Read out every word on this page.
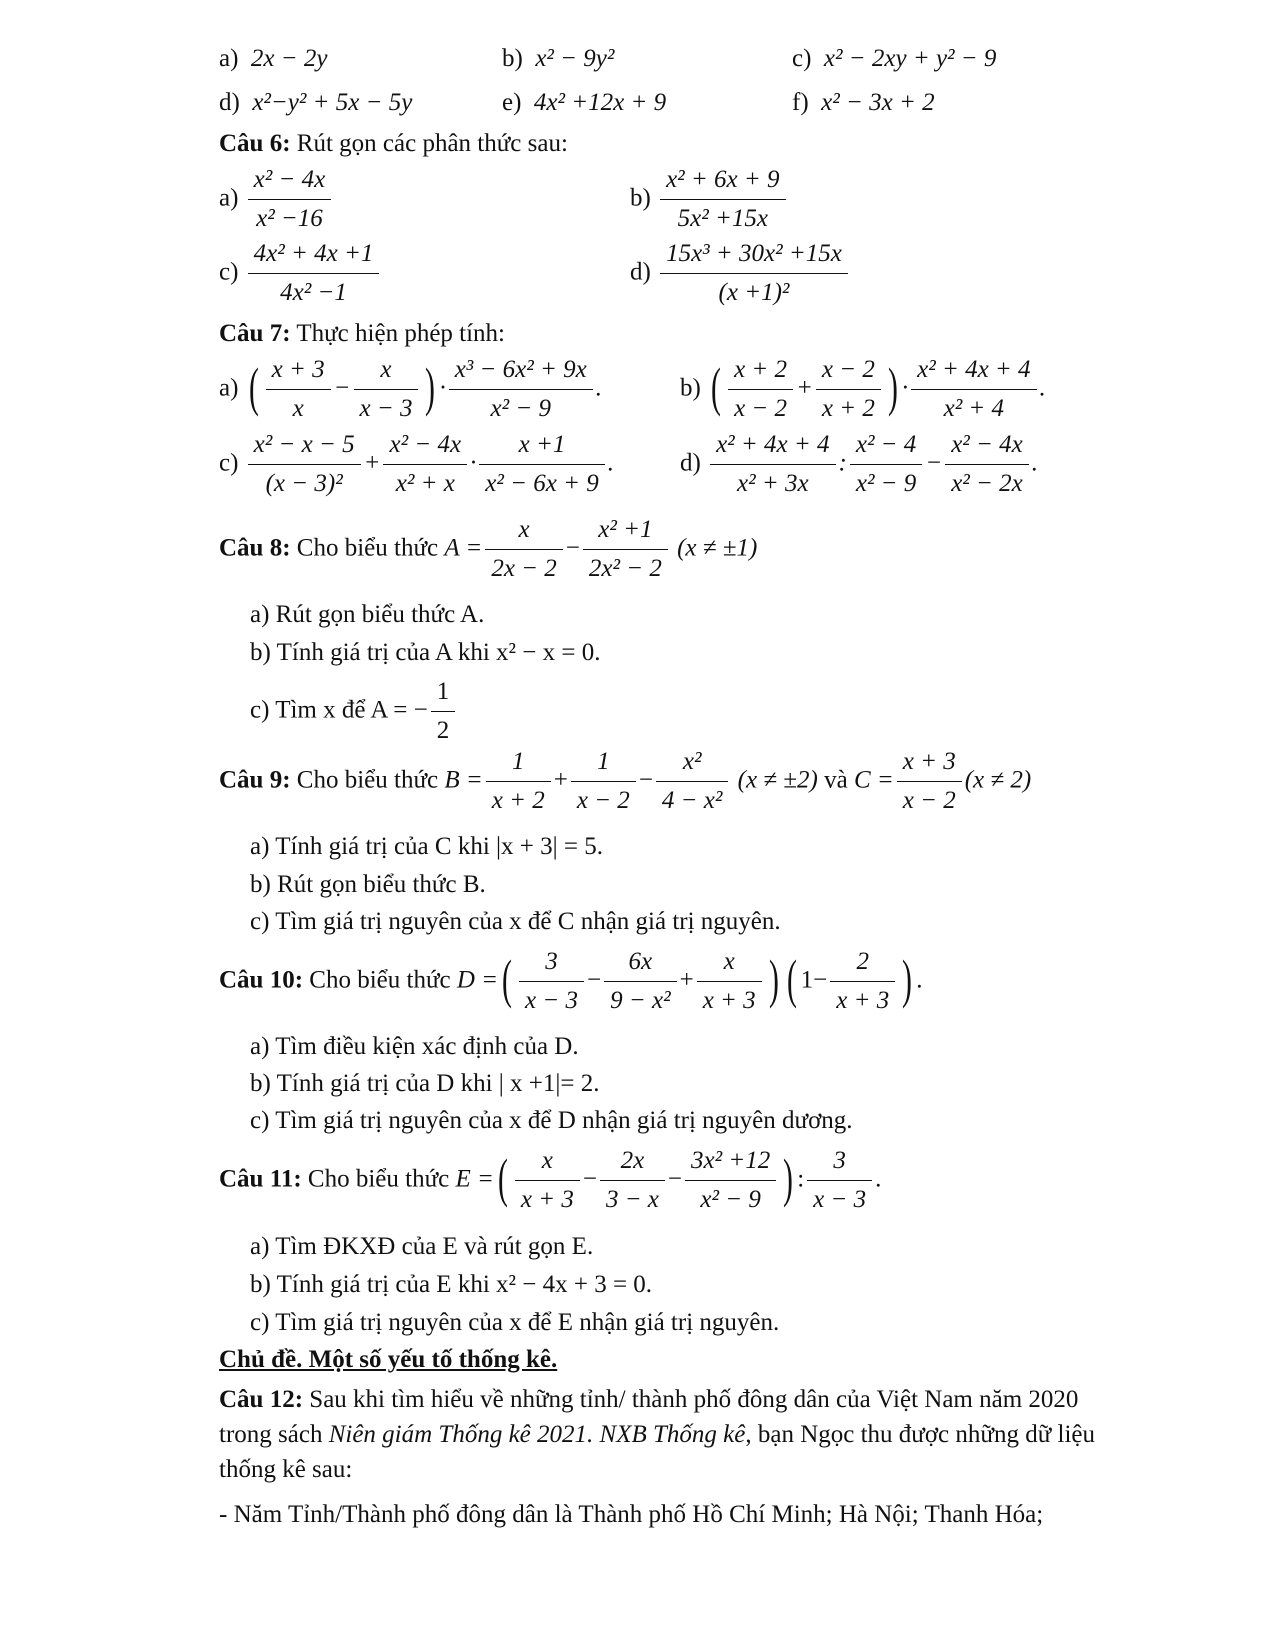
a) 2x − 2y	b) x² − 9y²	c) x² − 2xy + y² − 9
d) x²−y² + 5x − 5y	e) 4x² +12x + 9	f) x² − 3x + 2
Câu 6: Rút gọn các phân thức sau:
$a) \frac{\text{x² − 4x}}{\text{x² −16}}$	$b) \frac{\text{x² + 6x + 9}}{\text{5x² +15x}}$
$c) \frac{\text{4x² + 4x +1}}{\text{4x² −1}}$	$d) \frac{\text{15x³ + 30x² +15x}}{\text{(x +1)²}}$
Câu 7: Thực hiện phép tính:
a) ( $\frac{x + 3}{x} - \frac{x}{x - 3}$ ) · $\frac{\text{x³ − 6x² + 9x}}{\text{x² − 9}}$ .	b) ( $\frac{x + 2}{x - 2} + \frac{x - 2}{x + 2}$ ) · $\frac{\text{x² + 4x + 4}}{\text{x² + 4}}$ .
$c) \frac{\text{x² − x − 5}}{\text{(x − 3)²}} + \frac{\text{x² − 4x}}{\text{x² + x}} \cdot \frac{x +1}{\text{x² − 6x + 9}}$ .	$d) \frac{\text{x² + 4x + 4}}{\text{x² + 3x}}$ : $\frac{\text{x² − 4}}{\text{x² − 9}} - \frac{\text{x² − 4x}}{\text{x² − 2x}}$ .
Câu 8: Cho biểu thức $A = \frac{x}{2x - 2} - \frac{\text{x² +1}}{\text{2x² − 2}} (x \ne \pm 1)$
a) Rút gọn biểu thức A.
b) Tính giá trị của A khi x² − x = 0.
c) Tìm x để A = − $\frac{1}{2}$
Câu 9: Cho biểu thức $B = \frac{1}{x + 2} + \frac{1}{x - 2} - \frac{\text{x²}}{\text{4 − x²}} (x \ne \pm 2)$ và $C = \frac{x + 3}{x - 2} (x \ne 2)$
a) Tính giá trị của C khi |x + 3| = 5.
b) Rút gọn biểu thức B.
c) Tìm giá trị nguyên của x để C nhận giá trị nguyên.
Câu 10: Cho biểu thức D =( $\frac{3}{x - 3} - \frac{6x}{\text{9 − x²}} + \frac{x}{x + 3}$ ) ( $1- \frac{2}{x + 3}$ ) .
a) Tìm điều kiện xác định của D.
b) Tính giá trị của D khi | x +1|= 2.
c) Tìm giá trị nguyên của x để D nhận giá trị nguyên dương.
Câu 11: Cho biểu thức E =( $\frac{x}{x + 3} - \frac{2x}{3 - x} - \frac{\text{3x² +12}}{\text{x² − 9}}$ ) : $\frac{3}{x - 3}$ .
a) Tìm ĐKXĐ của E và rút gọn E.
b) Tính giá trị của E khi x² − 4x + 3 = 0.
c) Tìm giá trị nguyên của x để E nhận giá trị nguyên.
Chủ đề. Một số yếu tố thống kê.
Câu 12: Sau khi tìm hiểu về những tỉnh/ thành phố đông dân của Việt Nam năm 2020 trong sách Niên giám Thống kê 2021. NXB Thống kê, bạn Ngọc thu được những dữ liệu thống kê sau:
- Năm Tỉnh/Thành phố đông dân là Thành phố Hồ Chí Minh; Hà Nội; Thanh Hóa;
